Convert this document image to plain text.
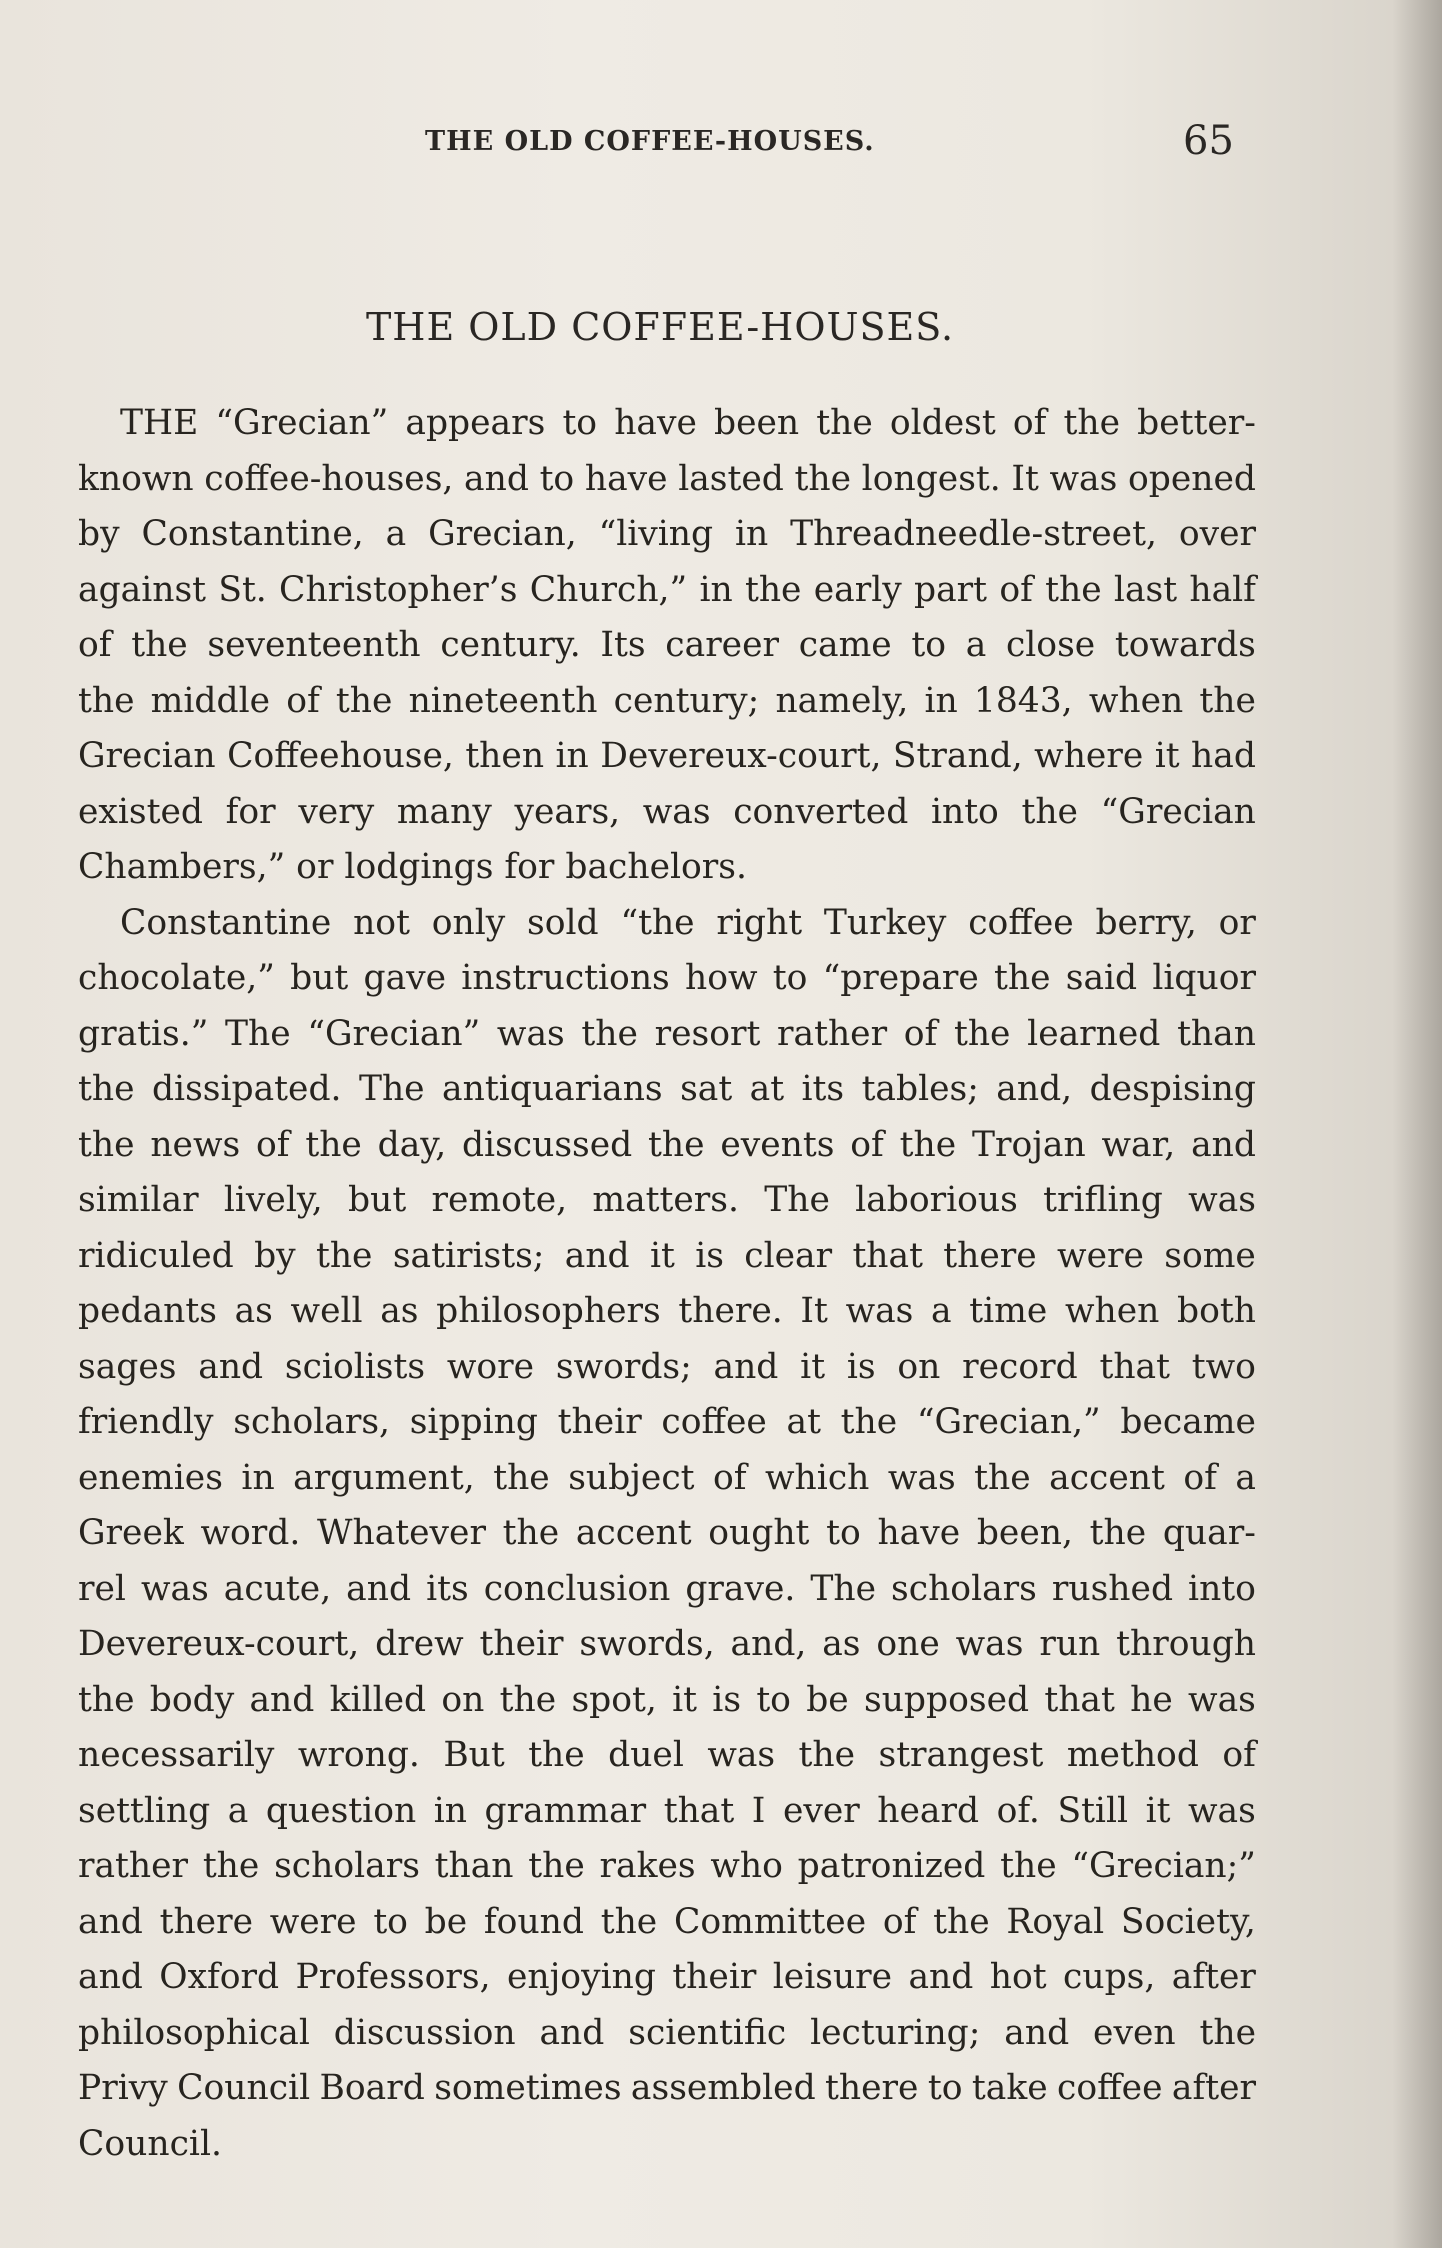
THE OLD COFFEE-HOUSES.	65
THE OLD COFFEE-HOUSES.
THE “Grecian” appears to have been the oldest of the better-
known coffee-houses, and to have lasted the longest. It was opened
by Constantine, a Grecian, “living in Threadneedle-street, over
against St. Christopher’s Church,” in the early part of the last half
of the seventeenth century. Its career came to a close towards
the middle of the nineteenth century; namely, in 1843, when the
Grecian Coffeehouse, then in Devereux-court, Strand, where it had
existed for very many years, was converted into the “Grecian
Chambers,” or lodgings for bachelors.
Constantine not only sold “the right Turkey coffee berry, or
chocolate,” but gave instructions how to “prepare the said liquor
gratis.” The “Grecian” was the resort rather of the learned than
the dissipated. The antiquarians sat at its tables; and, despising
the news of the day, discussed the events of the Trojan war, and
similar lively, but remote, matters. The laborious trifling was
ridiculed by the satirists; and it is clear that there were some
pedants as well as philosophers there. It was a time when both
sages and sciolists wore swords; and it is on record that two
friendly scholars, sipping their coffee at the “Grecian,” became
enemies in argument, the subject of which was the accent of a
Greek word. Whatever the accent ought to have been, the quar-
rel was acute, and its conclusion grave. The scholars rushed into
Devereux-court, drew their swords, and, as one was run through
the body and killed on the spot, it is to be supposed that he was
necessarily wrong. But the duel was the strangest method of
settling a question in grammar that I ever heard of. Still it was
rather the scholars than the rakes who patronized the “Grecian;”
and there were to be found the Committee of the Royal Society,
and Oxford Professors, enjoying their leisure and hot cups, after
philosophical discussion and scientific lecturing; and even the
Privy Council Board sometimes assembled there to take coffee after
Council.
